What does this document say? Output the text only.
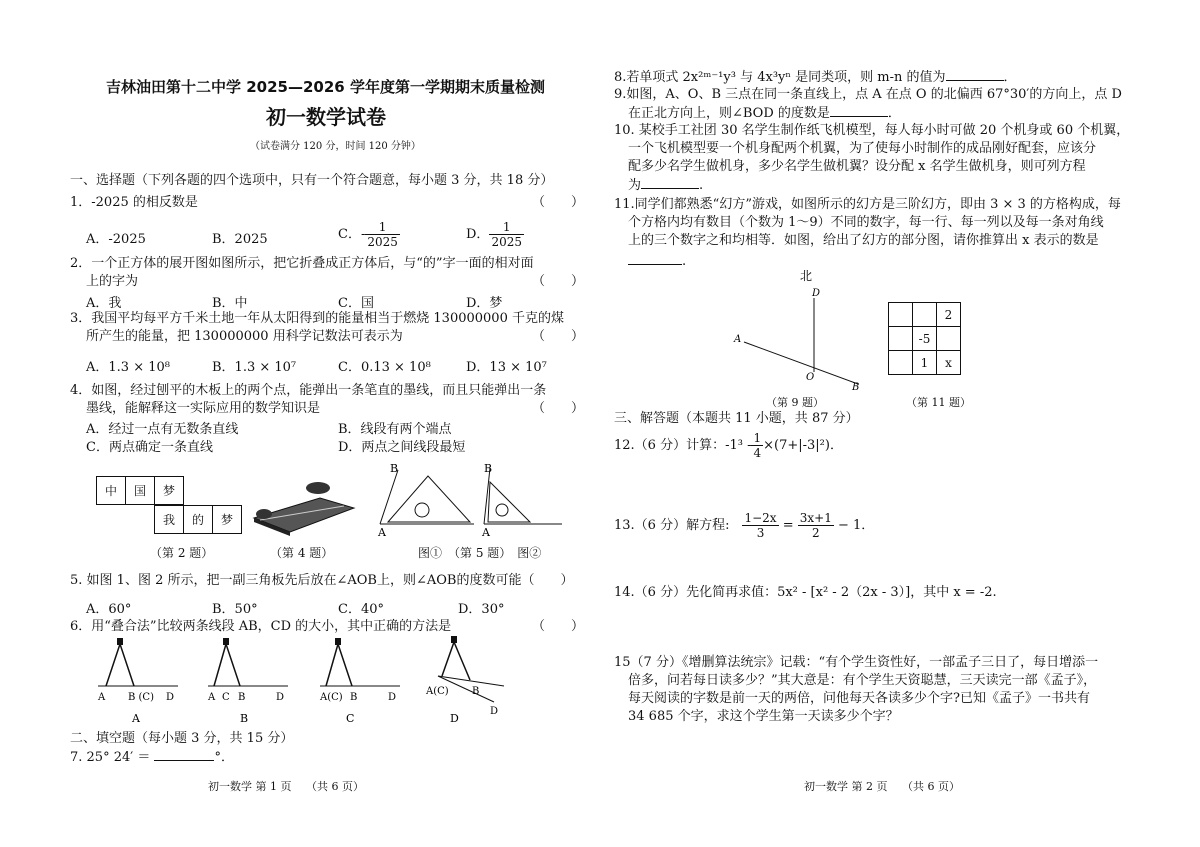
吉林油田第十二中学 2025—2026 学年度第一学期期末质量检测
初一数学试卷
（试卷满分 120 分，时间 120 分钟）
一、选择题（下列各题的四个选项中，只有一个符合题意，每小题 3 分，共 18 分）
1．-2025 的相反数是	（　　）
A．-2025	B．2025	C．- $\frac{1}{2025}$	D． $\frac{1}{2025}$
2．一个正方体的展开图如图所示，把它折叠成正方体后，与“的”字一面的相对面
上的字为	（　　）
A．我	B．中	C．国	D．梦
3．我国平均每平方千米土地一年从太阳得到的能量相当于燃烧 130000000 千克的煤
所产生的能量，把 130000000 用科学记数法可表示为	（　　）
A．1.3 × 10⁸	B．1.3 × 10⁷	C．0.13 × 10⁸	D．13 × 10⁷
4．如图，经过刨平的木板上的两个点，能弹出一条笔直的墨线，而且只能弹出一条
墨线，能解释这一实际应用的数学知识是	（　　）
A．经过一点有无数条直线	B．线段有两个端点
C．两点确定一条直线	D．两点之间线段最短
中	国	梦
我	的	梦
（第 2 题）	（第 4 题）
B
A
B
A
图①　（第 5 题）　图②
5. 如图 1、图 2 所示，把一副三角板先后放在∠AOB上，则∠AOB的度数可能（　　）
A．60°	B．50°	C．40°	D．30°
6．用“叠合法”比较两条线段 AB，CD 的大小，其中正确的方法是	（　　）
A B (C) D
A
A C B	D
B
A(C) B	D
C
A(C) B
D
D
二、填空题（每小题 3 分，共 15 分）
7. 25° 24′ ＝	°．
初一数学 第 1 页　 （共 6 页）
8.若单项式 2x²ᵐ⁻¹y³ 与 4x³yⁿ 是同类项，则 m-n 的值为	．
9.如图，A、O、B 三点在同一条直线上，点 A 在点 O 的北偏西 67°30′的方向上，点 D
在正北方向上，则∠BOD 的度数是	．
10. 某校手工社团 30 名学生制作纸飞机模型，每人每小时可做 20 个机身或 60 个机翼，
一个飞机模型要一个机身配两个机翼，为了使每小时制作的成品刚好配套，应该分
配多少名学生做机身，多少名学生做机翼？设分配 x 名学生做机身，则可列方程
为	.
11.同学们都熟悉“幻方”游戏，如图所示的幻方是三阶幻方，即由 3 × 3 的方格构成，每
个方格内均有数目（个数为 1～9）不同的数字，每一行、每一列以及每一条对角线
上的三个数字之和均相等．如图，给出了幻方的部分图，请你推算出 x 表示的数是
.
北
D
A
O
B
（第 9 题）
		2
	-5	
	1	x
（第 11 题）
三、解答题（本题共 11 小题，共 87 分）
12.（6 分）计算：$-1^3 - \frac{1}{4} \times(7+|-3|^2)$．
13.（6 分）解方程:　 $\frac{1-2x}{3} = \frac{3x+1}{2} - 1$．
14.（6 分）先化简再求值：5x² - [x² - 2（2x - 3）]，其中 x = -2.
15（7 分）《增删算法统宗》记载：“有个学生资性好，一部孟子三日了，每日增添一
倍多，问若每日读多少？”其大意是：有个学生天资聪慧，三天读完一部《孟子》，
每天阅读的字数是前一天的两倍，问他每天各读多少个字?已知《孟子》一书共有
34 685 个字，求这个学生第一天读多少个字？
初一数学 第 2 页　 （共 6 页）
